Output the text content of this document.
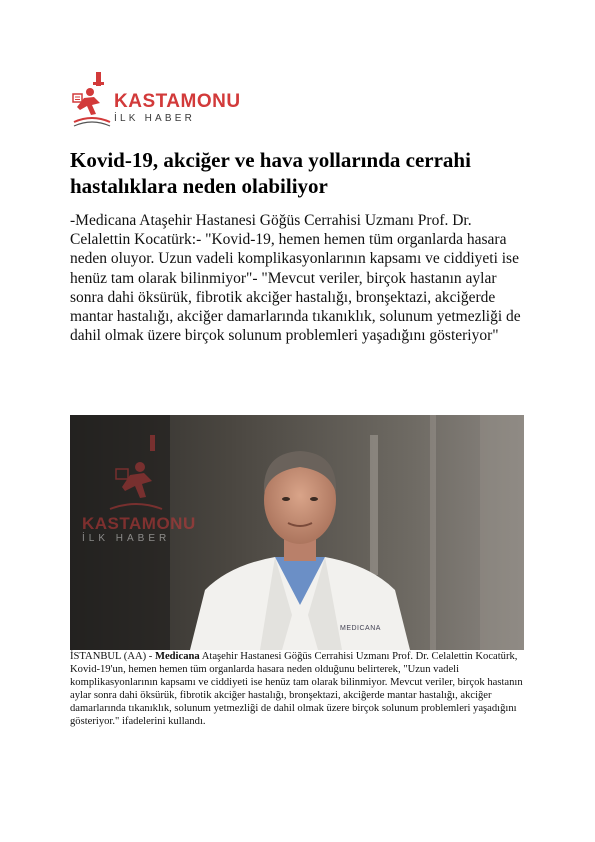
KASTAMONU
İLK HABER
Kovid-19, akciğer ve hava yollarında cerrahi hastalıklara neden olabiliyor

-Medicana Ataşehir Hastanesi Göğüs Cerrahisi Uzmanı Prof. Dr. Celalettin Kocatürk:- "Kovid-19, hemen hemen tüm organlarda hasara neden oluyor. Uzun vadeli komplikasyonlarının kapsamı ve ciddiyeti ise henüz tam olarak bilinmiyor"- "Mevcut veriler, birçok hastanın aylar sonra dahi öksürük, fibrotik akciğer hastalığı, bronşektazi, akciğerde mantar hastalığı, akciğer damarlarında tıkanıklık, solunum yetmezliği de dahil olmak üzere birçok solunum problemleri yaşadığını gösteriyor"

KASTAMONU
İLK HABER
MEDICANA

İSTANBUL (AA) - Medicana Ataşehir Hastanesi Göğüs Cerrahisi Uzmanı Prof. Dr. Celalettin Kocatürk, Kovid-19'un, hemen hemen tüm organlarda hasara neden olduğunu belirterek, "Uzun vadeli komplikasyonlarının kapsamı ve ciddiyeti ise henüz tam olarak bilinmiyor. Mevcut veriler, birçok hastanın aylar sonra dahi öksürük, fibrotik akciğer hastalığı, bronşektazi, akciğerde mantar hastalığı, akciğer damarlarında tıkanıklık, solunum yetmezliği de dahil olmak üzere birçok solunum problemleri yaşadığını gösteriyor." ifadelerini kullandı.
